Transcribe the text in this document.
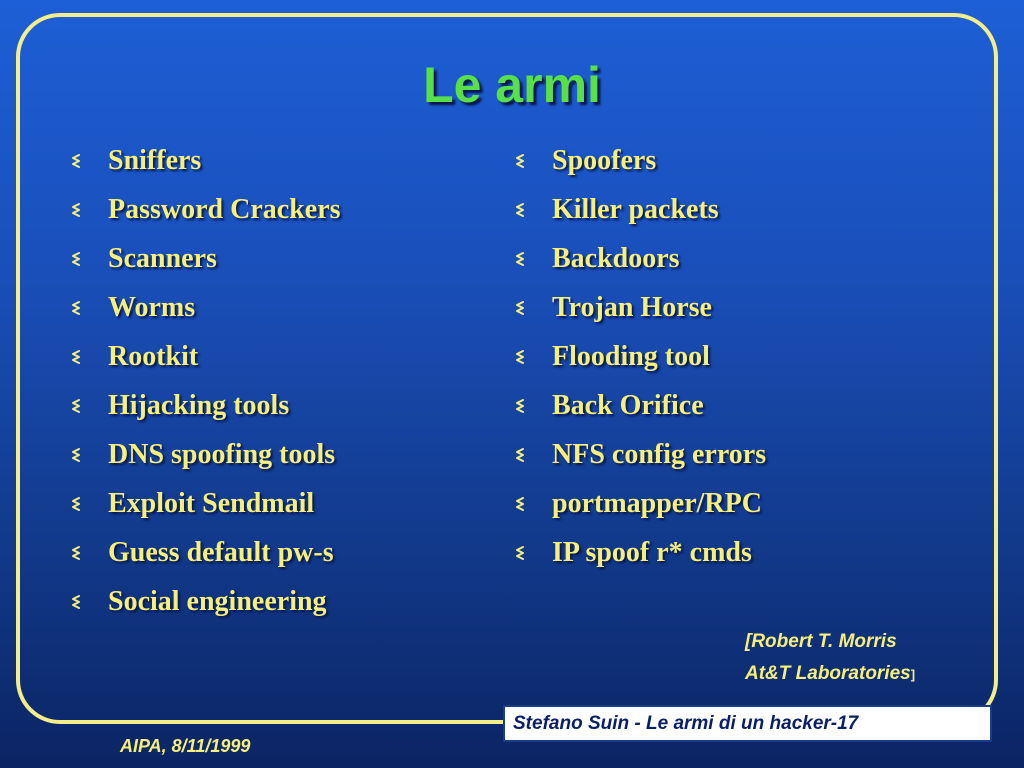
Le armi
Sniffers
Password Crackers
Scanners
Worms
Rootkit
Hijacking tools
DNS spoofing tools
Exploit Sendmail
Guess default pw-s
Social engineering
Spoofers
Killer packets
Backdoors
Trojan Horse
Flooding tool
Back Orifice
NFS config errors
portmapper/RPC
IP spoof r* cmds
[Robert T. Morris
At&T Laboratories]
Stefano Suin - Le armi di un hacker-17
AIPA, 8/11/1999
